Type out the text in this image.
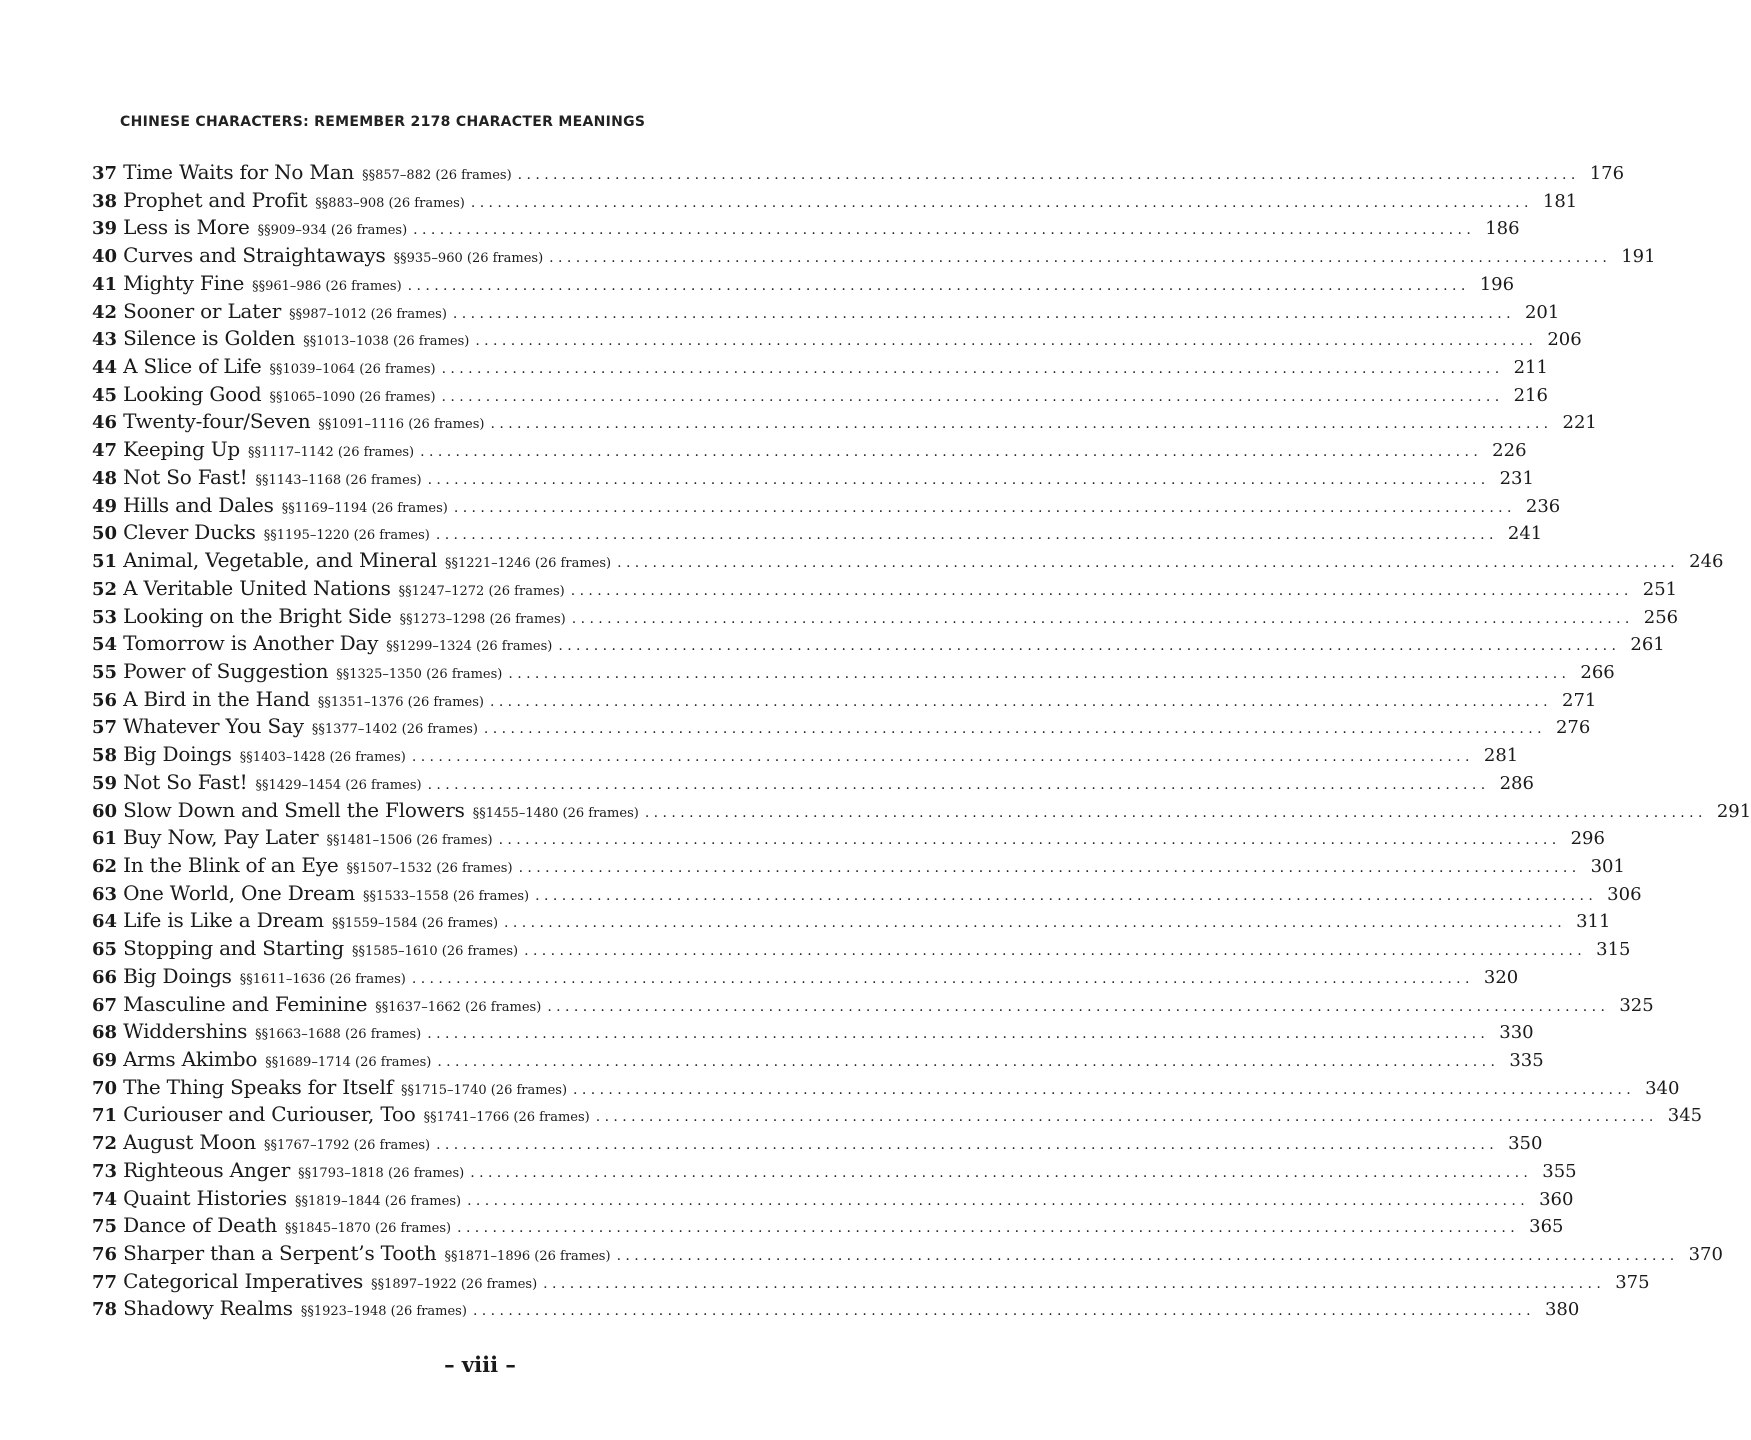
CHINESE CHARACTERS: REMEMBER 2178 CHARACTER MEANINGS
37 Time Waits for No Man §§857–882 (26 frames) ........................................................................................................................ 176
38 Prophet and Profit §§883–908 (26 frames) ........................................................................................................................ 181
39 Less is More §§909–934 (26 frames) ........................................................................................................................ 186
40 Curves and Straightaways §§935–960 (26 frames) ........................................................................................................................ 191
41 Mighty Fine §§961–986 (26 frames) ........................................................................................................................ 196
42 Sooner or Later §§987–1012 (26 frames) ........................................................................................................................ 201
43 Silence is Golden §§1013–1038 (26 frames) ........................................................................................................................ 206
44 A Slice of Life §§1039–1064 (26 frames) ........................................................................................................................ 211
45 Looking Good §§1065–1090 (26 frames) ........................................................................................................................ 216
46 Twenty-four/Seven §§1091–1116 (26 frames) ........................................................................................................................ 221
47 Keeping Up §§1117–1142 (26 frames) ........................................................................................................................ 226
48 Not So Fast! §§1143–1168 (26 frames) ........................................................................................................................ 231
49 Hills and Dales §§1169–1194 (26 frames) ........................................................................................................................ 236
50 Clever Ducks §§1195–1220 (26 frames) ........................................................................................................................ 241
51 Animal, Vegetable, and Mineral §§1221–1246 (26 frames) ........................................................................................................................ 246
52 A Veritable United Nations §§1247–1272 (26 frames) ........................................................................................................................ 251
53 Looking on the Bright Side §§1273–1298 (26 frames) ........................................................................................................................ 256
54 Tomorrow is Another Day §§1299–1324 (26 frames) ........................................................................................................................ 261
55 Power of Suggestion §§1325–1350 (26 frames) ........................................................................................................................ 266
56 A Bird in the Hand §§1351–1376 (26 frames) ........................................................................................................................ 271
57 Whatever You Say §§1377–1402 (26 frames) ........................................................................................................................ 276
58 Big Doings §§1403–1428 (26 frames) ........................................................................................................................ 281
59 Not So Fast! §§1429–1454 (26 frames) ........................................................................................................................ 286
60 Slow Down and Smell the Flowers §§1455–1480 (26 frames) ........................................................................................................................ 291
61 Buy Now, Pay Later §§1481–1506 (26 frames) ........................................................................................................................ 296
62 In the Blink of an Eye §§1507–1532 (26 frames) ........................................................................................................................ 301
63 One World, One Dream §§1533–1558 (26 frames) ........................................................................................................................ 306
64 Life is Like a Dream §§1559–1584 (26 frames) ........................................................................................................................ 311
65 Stopping and Starting §§1585–1610 (26 frames) ........................................................................................................................ 315
66 Big Doings §§1611–1636 (26 frames) ........................................................................................................................ 320
67 Masculine and Feminine §§1637–1662 (26 frames) ........................................................................................................................ 325
68 Widdershins §§1663–1688 (26 frames) ........................................................................................................................ 330
69 Arms Akimbo §§1689–1714 (26 frames) ........................................................................................................................ 335
70 The Thing Speaks for Itself §§1715–1740 (26 frames) ........................................................................................................................ 340
71 Curiouser and Curiouser, Too §§1741–1766 (26 frames) ........................................................................................................................ 345
72 August Moon §§1767–1792 (26 frames) ........................................................................................................................ 350
73 Righteous Anger §§1793–1818 (26 frames) ........................................................................................................................ 355
74 Quaint Histories §§1819–1844 (26 frames) ........................................................................................................................ 360
75 Dance of Death §§1845–1870 (26 frames) ........................................................................................................................ 365
76 Sharper than a Serpent’s Tooth §§1871–1896 (26 frames) ........................................................................................................................ 370
77 Categorical Imperatives §§1897–1922 (26 frames) ........................................................................................................................ 375
78 Shadowy Realms §§1923–1948 (26 frames) ........................................................................................................................ 380
– viii –
